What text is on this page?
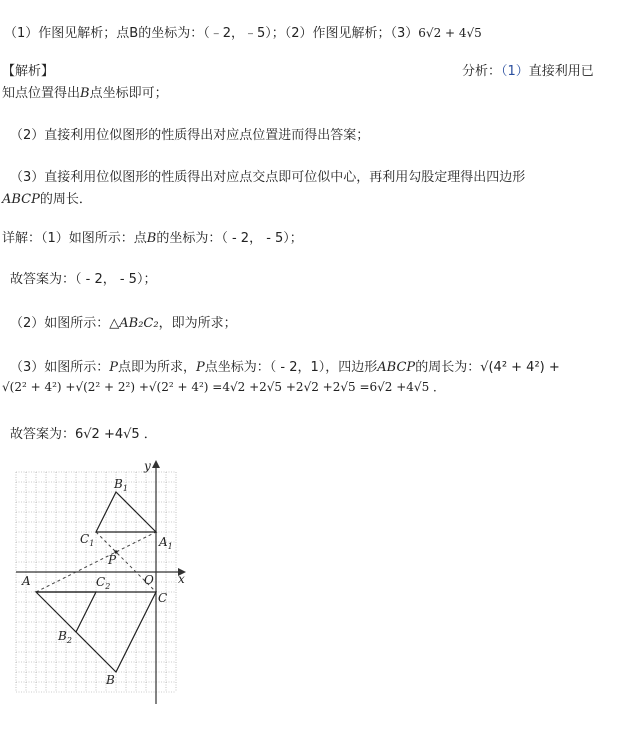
（1）作图见解析；点B的坐标为：（﹣2，﹣5）；（2）作图见解析；（3）6√2 + 4√5
【解析】	分析：（1）直接利用已
知点位置得出B点坐标即可；
（2）直接利用位似图形的性质得出对应点位置进而得出答案；
（3）直接利用位似图形的性质得出对应点交点即可位似中心，再利用勾股定理得出四边形
ABCP的周长．
详解：（1）如图所示：点B的坐标为：（ - 2， - 5）；
故答案为：（ - 2， - 5）；
（2）如图所示：△AB₂C₂，即为所求；
（3）如图所示：P点即为所求，P点坐标为：（ - 2，1），四边形ABCP的周长为：√(4² + 4²) +
√(2² + 4²) +√(2² + 2²) +√(2² + 4²) =4√2 +2√5 +2√2 +2√5 =6√2 +4√5 ．
故答案为：6√2 +4√5 ．
$B_1$
$C_1$	$A_1$
P
O x
y
A	$C_2$
C
$B_2$
B
